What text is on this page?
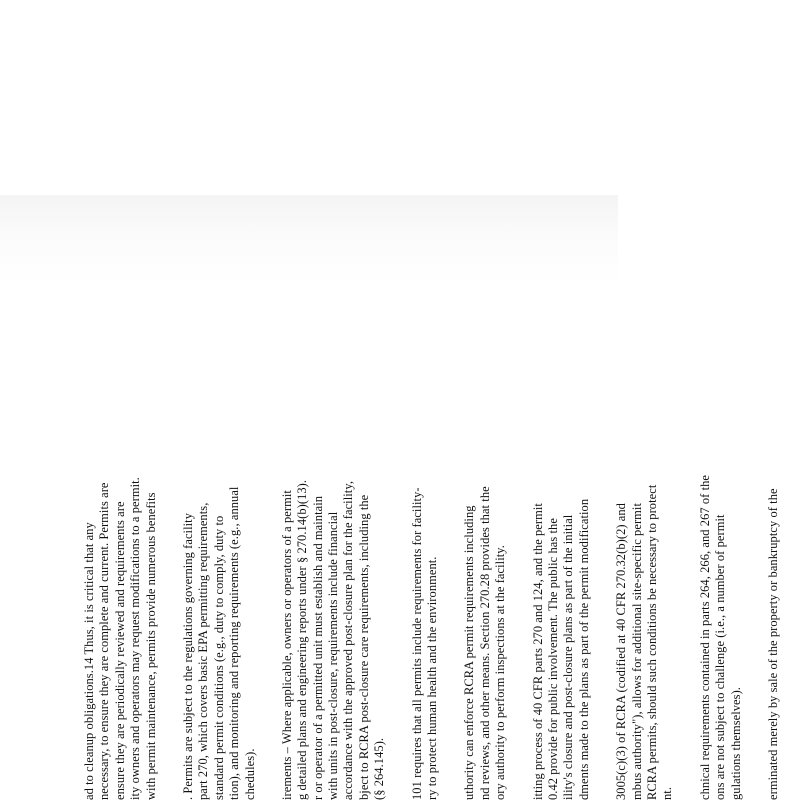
ad to cleanup obligations.14 Thus, it is critical that any necessary, to ensure they are complete and current. Permits are ensure they are periodically reviewed and requirements are ity owners and operators may request modifications to a permit. with permit maintenance, permits provide numerous benefits . Permits are subject to the regulations governing facility part 270, which covers basic EPA permitting requirements, standard permit conditions (e.g., duty to comply, duty to tion), and monitoring and reporting requirements (e.g., annual chedules). irements – Where applicable, owners or operators of a permit g detailed plans and engineering reports under § 270.14(b)(13). r or operator of a permitted unit must establish and maintain with units in post-closure, requirements include financial accordance with the approved post-closure plan for the facility, bject to RCRA post-closure care requirements, including the (§ 264.145). 101 requires that all permits include requirements for facility- ry to protect human health and the environment. uthority can enforce RCRA permit requirements including nd reviews, and other means. Section 270.28 provides that the ory authority to perform inspections at the facility. itting process of 40 CFR parts 270 and 124, and the permit 0.42 provide for public involvement. The public has the ility's closure and post-closure plans as part of the initial dments made to the plans as part of the permit modification 3005(c)(3) of RCRA (codified at 40 CFR 270.32(b)(2) and mbus authority"), allows for additional site-specific permit RCRA permits, should such conditions be necessary to protect nt. chnical requirements contained in parts 264, 266, and 267 of the ons are not subject to challenge (i.e., a number of permit gulations themselves). erminated merely by sale of the property or bankruptcy of the
